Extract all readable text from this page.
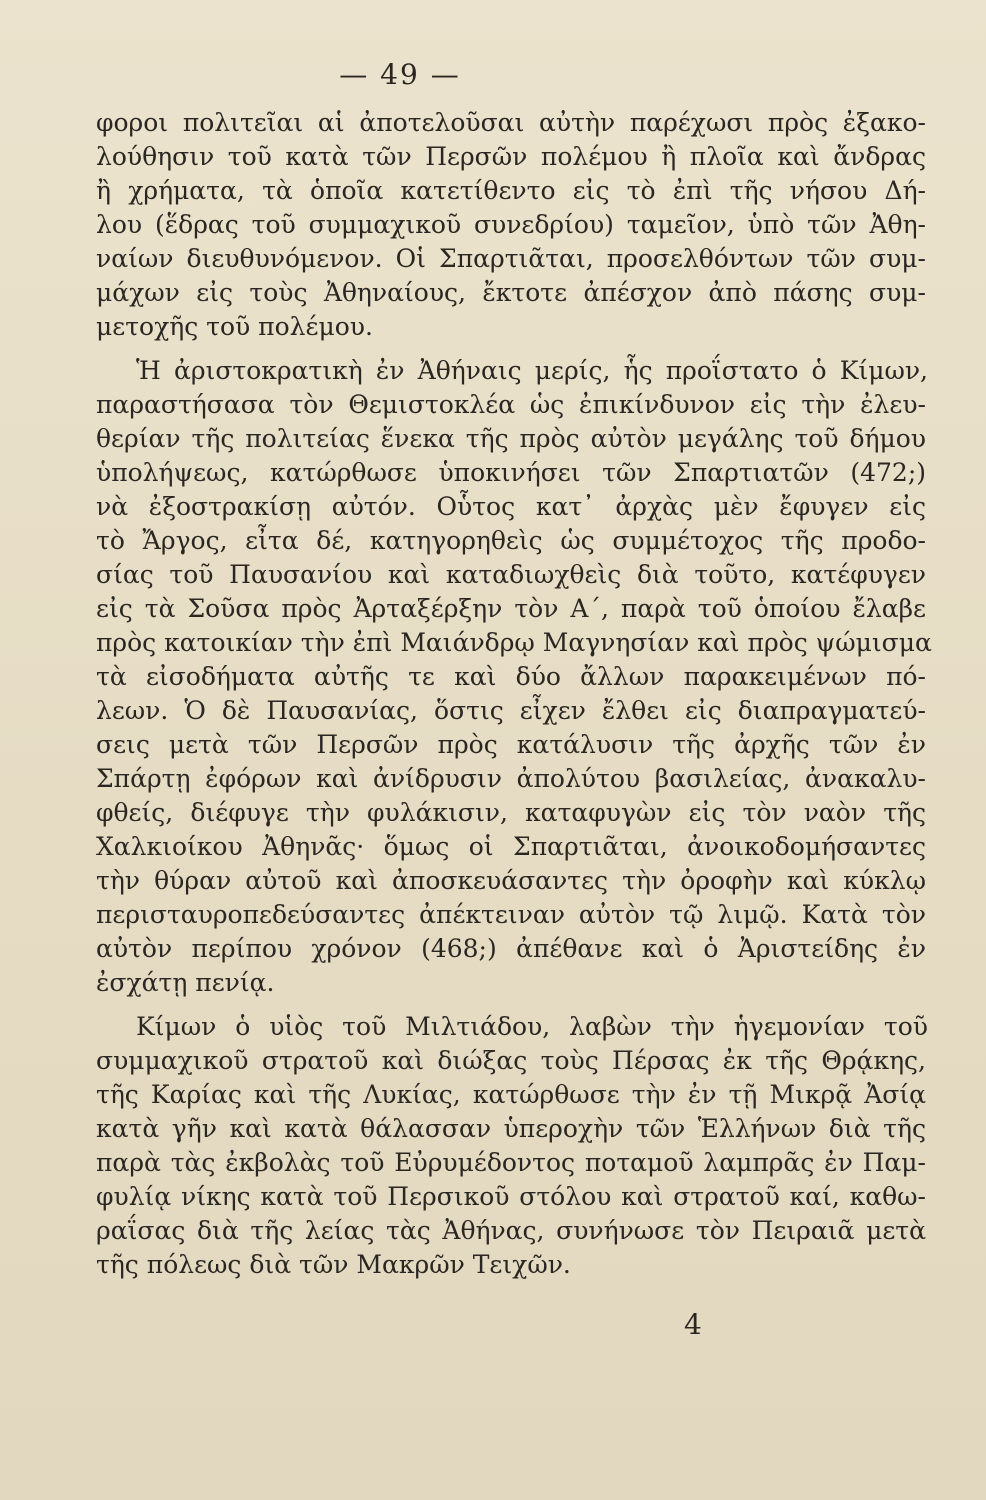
— 49 —
φοροι πολιτεῖαι αἱ ἀποτελοῦσαι αὐτὴν παρέχωσι πρὸς ἐξακο-
λούθησιν τοῦ κατὰ τῶν Περσῶν πολέμου ἢ πλοῖα καὶ ἄνδρας
ἢ χρήματα, τὰ ὁποῖα κατετίθεντο εἰς τὸ ἐπὶ τῆς νήσου Δή-
λου (ἕδρας τοῦ συμμαχικοῦ συνεδρίου) ταμεῖον, ὑπὸ τῶν Ἀθη-
ναίων διευθυνόμενον. Οἱ Σπαρτιᾶται, προσελθόντων τῶν συμ-
μάχων εἰς τοὺς Ἀθηναίους, ἔκτοτε ἀπέσχον ἀπὸ πάσης συμ-
μετοχῆς τοῦ πολέμου.
Ἡ ἀριστοκρατικὴ ἐν Ἀθήναις μερίς, ἧς προΐστατο ὁ Κίμων,
παραστήσασα τὸν Θεμιστοκλέα ὡς ἐπικίνδυνον εἰς τὴν ἐλευ-
θερίαν τῆς πολιτείας ἕνεκα τῆς πρὸς αὐτὸν μεγάλης τοῦ δήμου
ὑπολήψεως, κατώρθωσε ὑποκινήσει τῶν Σπαρτιατῶν (472;)
νὰ ἐξοστρακίσῃ αὐτόν. Οὗτος κατ᾽ ἀρχὰς μὲν ἔφυγεν εἰς
τὸ Ἄργος, εἶτα δέ, κατηγορηθεὶς ὡς συμμέτοχος τῆς προδο-
σίας τοῦ Παυσανίου καὶ καταδιωχθεὶς διὰ τοῦτο, κατέφυγεν
εἰς τὰ Σοῦσα πρὸς Ἀρταξέρξην τὸν Α΄, παρὰ τοῦ ὁποίου ἔλαβε
πρὸς κατοικίαν τὴν ἐπὶ Μαιάνδρῳ Μαγνησίαν καὶ πρὸς ψώμισμα
τὰ εἰσοδήματα αὐτῆς τε καὶ δύο ἄλλων παρακειμένων πό-
λεων. Ὁ δὲ Παυσανίας, ὅστις εἶχεν ἔλθει εἰς διαπραγματεύ-
σεις μετὰ τῶν Περσῶν πρὸς κατάλυσιν τῆς ἀρχῆς τῶν ἐν
Σπάρτῃ ἐφόρων καὶ ἀνίδρυσιν ἀπολύτου βασιλείας, ἀνακαλυ-
φθείς, διέφυγε τὴν φυλάκισιν, καταφυγὼν εἰς τὸν ναὸν τῆς
Χαλκιοίκου Ἀθηνᾶς· ὅμως οἱ Σπαρτιᾶται, ἀνοικοδομήσαντες
τὴν θύραν αὐτοῦ καὶ ἀποσκευάσαντες τὴν ὀροφὴν καὶ κύκλῳ
περισταυροπεδεύσαντες ἀπέκτειναν αὐτὸν τῷ λιμῷ. Κατὰ τὸν
αὐτὸν περίπου χρόνον (468;) ἀπέθανε καὶ ὁ Ἀριστείδης ἐν
ἐσχάτῃ πενίᾳ.
Κίμων ὁ υἱὸς τοῦ Μιλτιάδου, λαβὼν τὴν ἡγεμονίαν τοῦ
συμμαχικοῦ στρατοῦ καὶ διώξας τοὺς Πέρσας ἐκ τῆς Θρᾴκης,
τῆς Καρίας καὶ τῆς Λυκίας, κατώρθωσε τὴν ἐν τῇ Μικρᾷ Ἀσίᾳ
κατὰ γῆν καὶ κατὰ θάλασσαν ὑπεροχὴν τῶν Ἑλλήνων διὰ τῆς
παρὰ τὰς ἐκβολὰς τοῦ Εὐρυμέδοντος ποταμοῦ λαμπρᾶς ἐν Παμ-
φυλίᾳ νίκης κατὰ τοῦ Περσικοῦ στόλου καὶ στρατοῦ καί, καθω-
ραΐσας διὰ τῆς λείας τὰς Ἀθήνας, συνήνωσε τὸν Πειραιᾶ μετὰ
τῆς πόλεως διὰ τῶν Μακρῶν Τειχῶν.
4
